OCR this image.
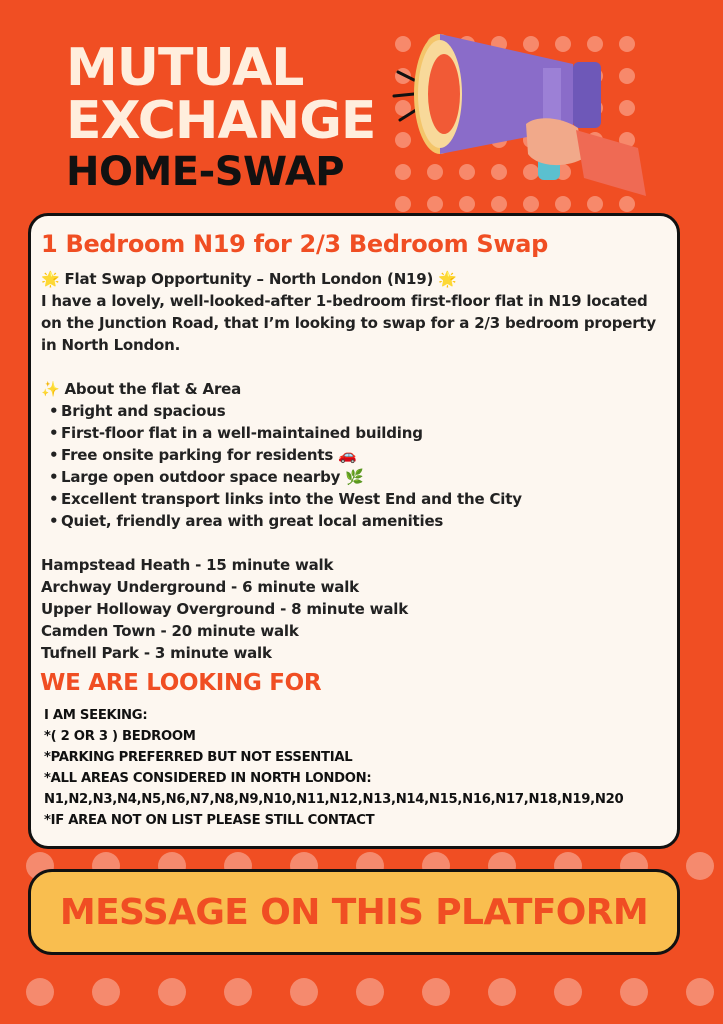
MUTUAL
EXCHANGE
HOME-SWAP
1 Bedroom N19 for 2/3 Bedroom Swap

🌟 Flat Swap Opportunity – North London (N19) 🌟

I have a lovely, well-looked-after 1-bedroom first-floor flat in N19 located on the Junction Road, that I’m looking to swap for a 2/3 bedroom property in North London.

✨ About the flat & Area

• Bright and spacious
• First-floor flat in a well-maintained building
• Free onsite parking for residents 🚗
• Large open outdoor space nearby 🌿
• Excellent transport links into the West End and the City
• Quiet, friendly area with great local amenities

Hampstead Heath - 15 minute walk

Archway Underground - 6 minute walk

Upper Holloway Overground - 8 minute walk

Camden Town - 20 minute walk

Tufnell Park - 3 minute walk

WE ARE LOOKING FOR

I AM SEEKING:

*( 2 OR 3 ) BEDROOM

*PARKING PREFERRED BUT NOT ESSENTIAL

*ALL AREAS CONSIDERED IN NORTH LONDON:

N1,N2,N3,N4,N5,N6,N7,N8,N9,N10,N11,N12,N13,N14,N15,N16,N17,N18,N19,N20

*IF AREA NOT ON LIST PLEASE STILL CONTACT

MESSAGE ON THIS PLATFORM
